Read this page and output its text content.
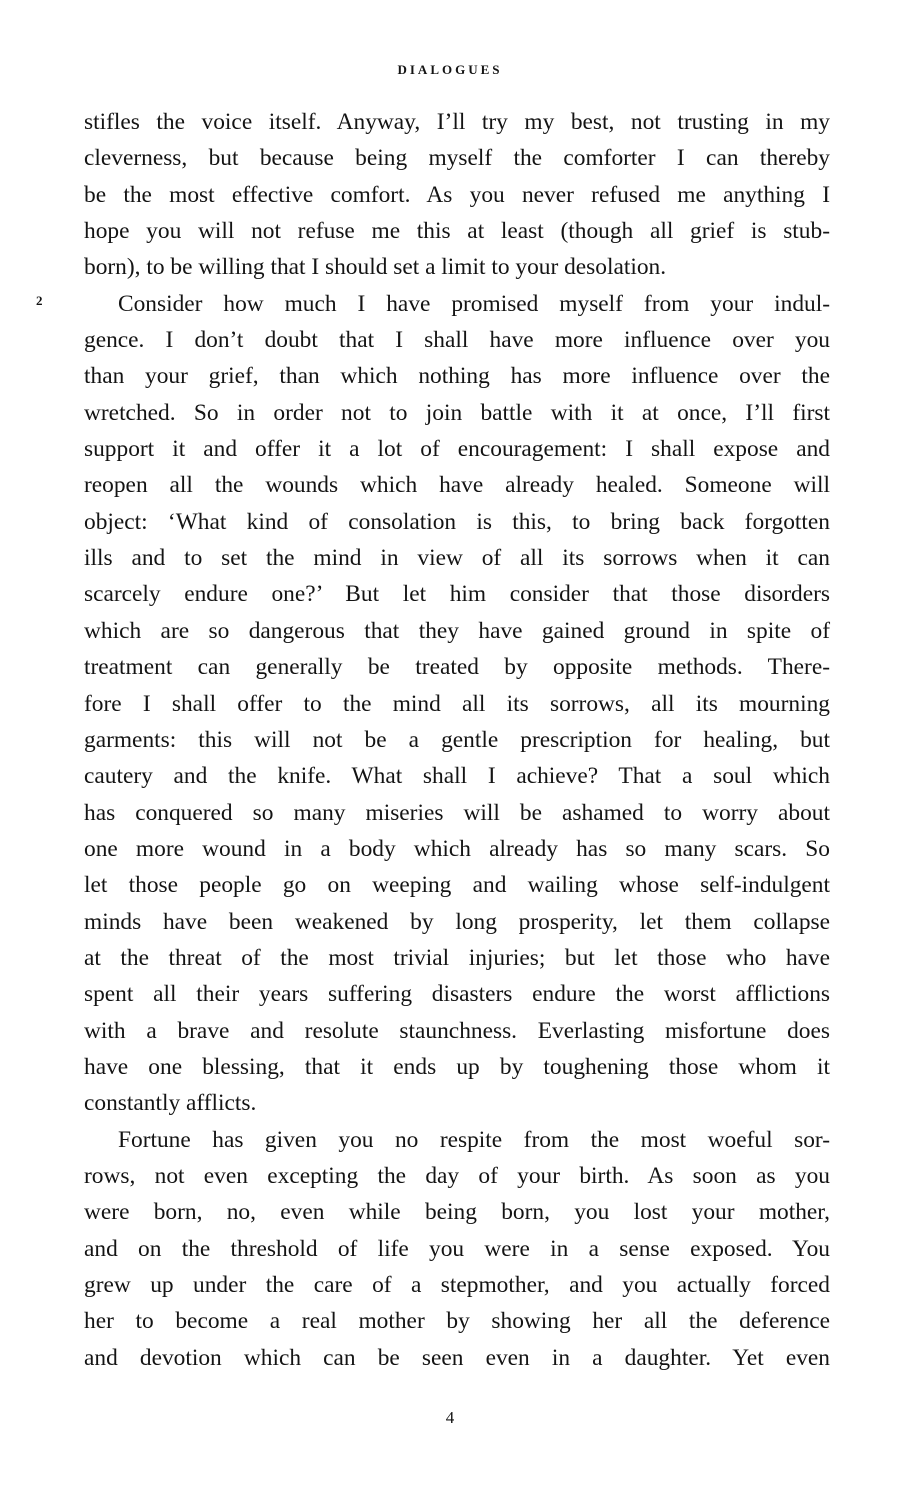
DIALOGUES
2
stifles the voice itself. Anyway, I’ll try my best, not trusting in my
cleverness, but because being myself the comforter I can thereby
be the most effective comfort. As you never refused me anything I
hope you will not refuse me this at least (though all grief is stub-
born), to be willing that I should set a limit to your desolation.
Consider how much I have promised myself from your indul-
gence. I don’t doubt that I shall have more influence over you
than your grief, than which nothing has more influence over the
wretched. So in order not to join battle with it at once, I’ll first
support it and offer it a lot of encouragement: I shall expose and
reopen all the wounds which have already healed. Someone will
object: ‘What kind of consolation is this, to bring back forgotten
ills and to set the mind in view of all its sorrows when it can
scarcely endure one?’ But let him consider that those disorders
which are so dangerous that they have gained ground in spite of
treatment can generally be treated by opposite methods. There-
fore I shall offer to the mind all its sorrows, all its mourning
garments: this will not be a gentle prescription for healing, but
cautery and the knife. What shall I achieve? That a soul which
has conquered so many miseries will be ashamed to worry about
one more wound in a body which already has so many scars. So
let those people go on weeping and wailing whose self-indulgent
minds have been weakened by long prosperity, let them collapse
at the threat of the most trivial injuries; but let those who have
spent all their years suffering disasters endure the worst afflictions
with a brave and resolute staunchness. Everlasting misfortune does
have one blessing, that it ends up by toughening those whom it
constantly afflicts.
Fortune has given you no respite from the most woeful sor-
rows, not even excepting the day of your birth. As soon as you
were born, no, even while being born, you lost your mother,
and on the threshold of life you were in a sense exposed. You
grew up under the care of a stepmother, and you actually forced
her to become a real mother by showing her all the deference
and devotion which can be seen even in a daughter. Yet even
4
